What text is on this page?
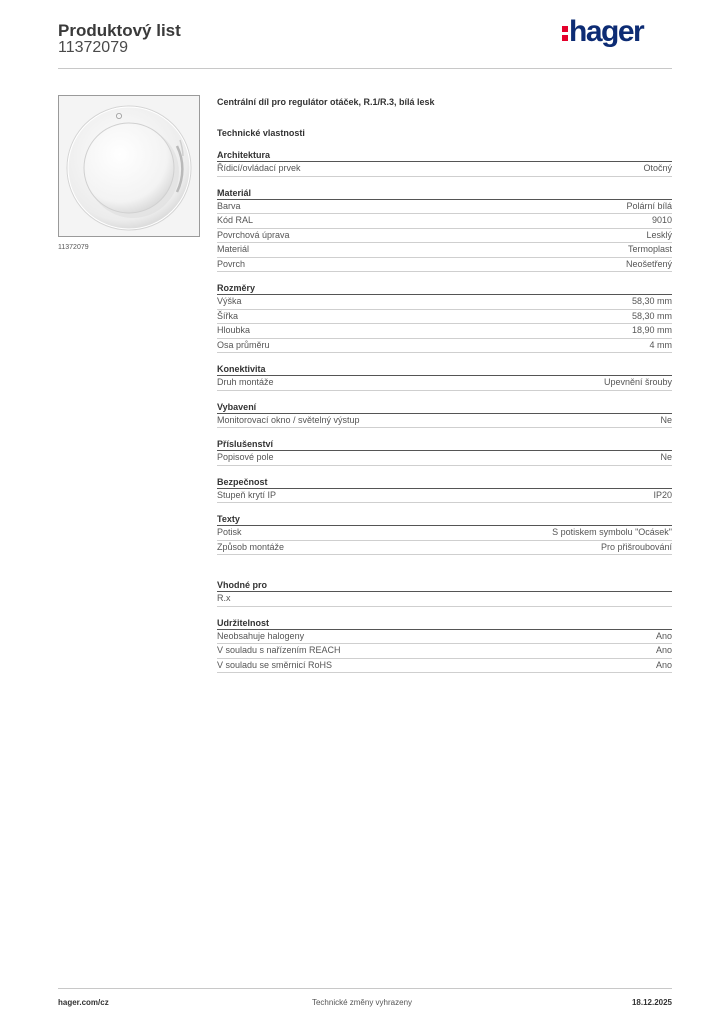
Produktový list
11372079	hager
11372079
Centrální díl pro regulátor otáček, R.1/R.3, bílá lesk
Technické vlastnosti
Architektura
Řídicí/ovládací prvek	Otočný
Materiál
Barva	Polární bílá
Kód RAL	9010
Povrchová úprava	Lesklý
Materiál	Termoplast
Povrch	Neošetřený
Rozměry
Výška	58,30 mm
Šířka	58,30 mm
Hloubka	18,90 mm
Osa průměru	4 mm
Konektivita
Druh montáže	Upevnění šrouby
Vybavení
Monitorovací okno / světelný výstup	Ne
Příslušenství
Popisové pole	Ne
Bezpečnost
Stupeň krytí IP	IP20
Texty
Potisk	S potiskem symbolu "Ocásek"
Způsob montáže	Pro přišroubování
Vhodné pro
R.x
Udržitelnost
Neobsahuje halogeny	Ano
V souladu s nařízením REACH	Ano
V souladu se směrnicí RoHS	Ano
Technické změny vyhrazeny
hager.com/cz	18.12.2025
